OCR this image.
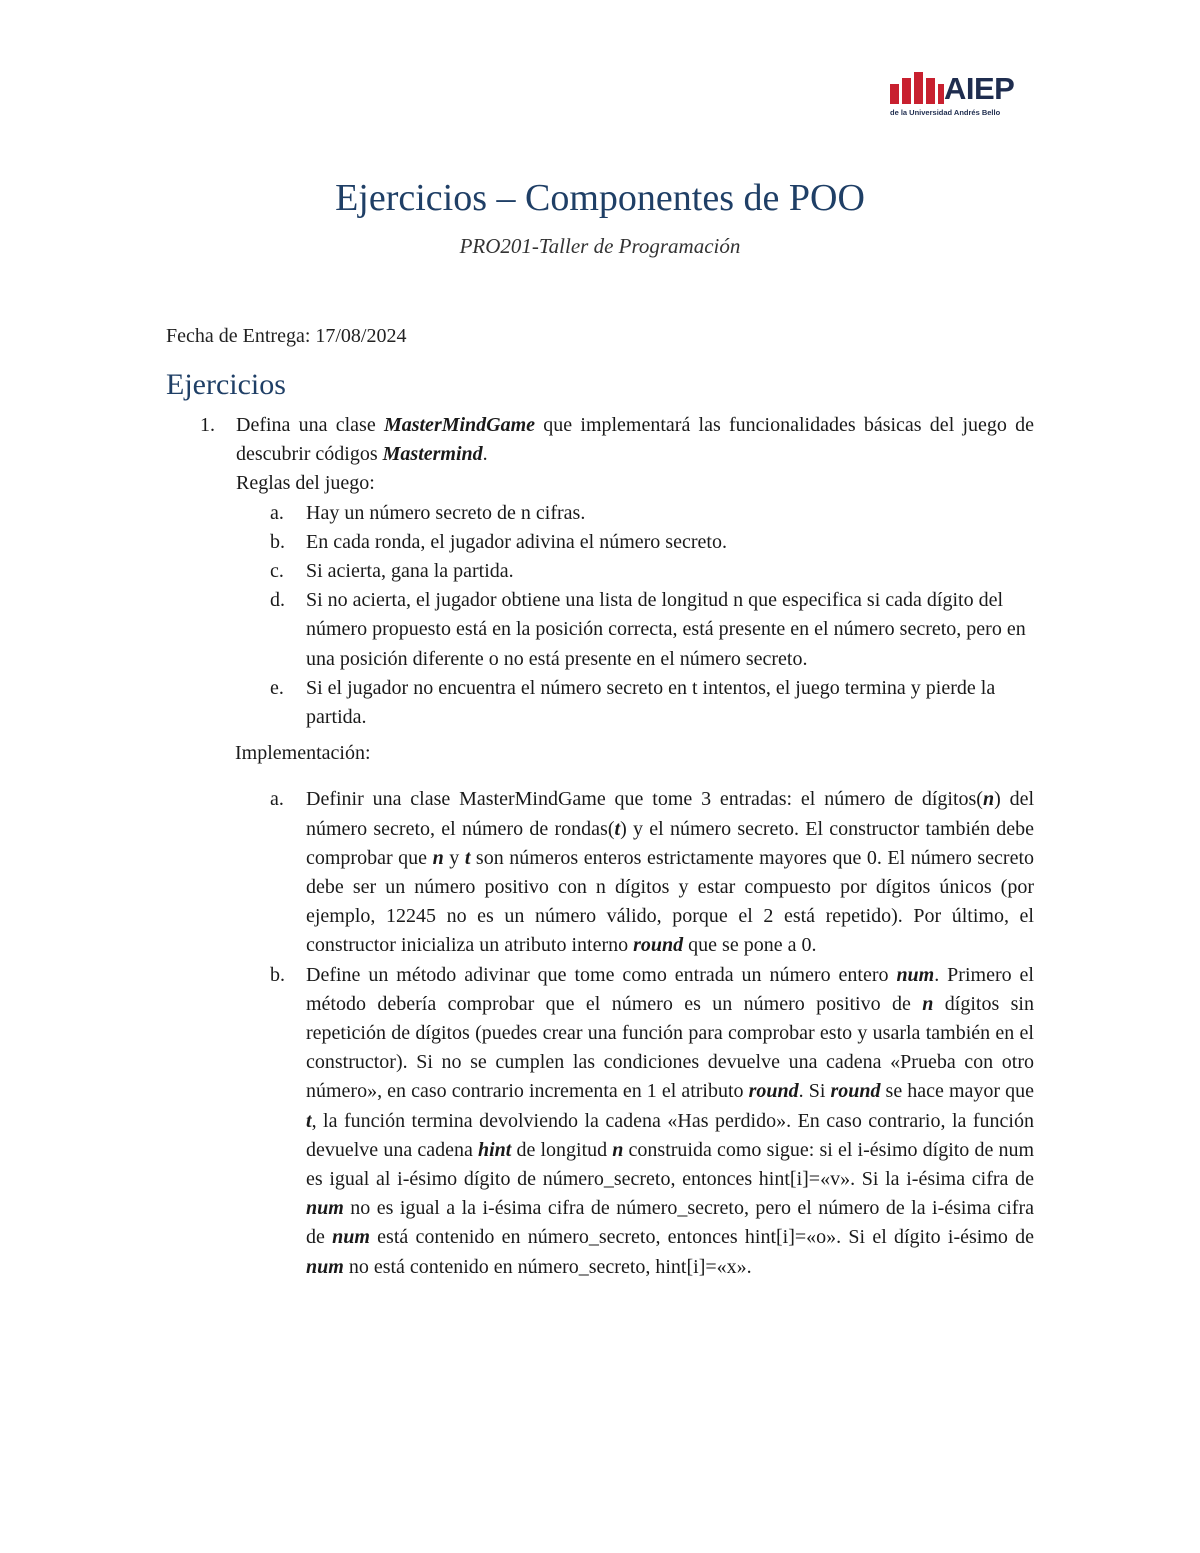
AIEP
de la Universidad Andrés Bello
Ejercicios – Componentes de POO
PRO201-Taller de Programación
Fecha de Entrega: 17/08/2024
Ejercicios
1. Defina una clase MasterMindGame que implementará las funcionalidades básicas del juego de descubrir códigos Mastermind.
Reglas del juego:
a. Hay un número secreto de n cifras.
b. En cada ronda, el jugador adivina el número secreto.
c. Si acierta, gana la partida.
d. Si no acierta, el jugador obtiene una lista de longitud n que especifica si cada dígito del número propuesto está en la posición correcta, está presente en el número secreto, pero en una posición diferente o no está presente en el número secreto.
e. Si el jugador no encuentra el número secreto en t intentos, el juego termina y pierde la partida.
Implementación:
a. Definir una clase MasterMindGame que tome 3 entradas: el número de dígitos(n) del número secreto, el número de rondas(t) y el número secreto. El constructor también debe comprobar que n y t son números enteros estrictamente mayores que 0. El número secreto debe ser un número positivo con n dígitos y estar compuesto por dígitos únicos (por ejemplo, 12245 no es un número válido, porque el 2 está repetido). Por último, el constructor inicializa un atributo interno round que se pone a 0.
b. Define un método adivinar que tome como entrada un número entero num. Primero el método debería comprobar que el número es un número positivo de n dígitos sin repetición de dígitos (puedes crear una función para comprobar esto y usarla también en el constructor). Si no se cumplen las condiciones devuelve una cadena «Prueba con otro número», en caso contrario incrementa en 1 el atributo round. Si round se hace mayor que t, la función termina devolviendo la cadena «Has perdido». En caso contrario, la función devuelve una cadena hint de longitud n construida como sigue: si el i-ésimo dígito de num es igual al i-ésimo dígito de número_secreto, entonces hint[i]=«v». Si la i-ésima cifra de num no es igual a la i-ésima cifra de número_secreto, pero el número de la i-ésima cifra de num está contenido en número_secreto, entonces hint[i]=«o». Si el dígito i-ésimo de num no está contenido en número_secreto, hint[i]=«x».
